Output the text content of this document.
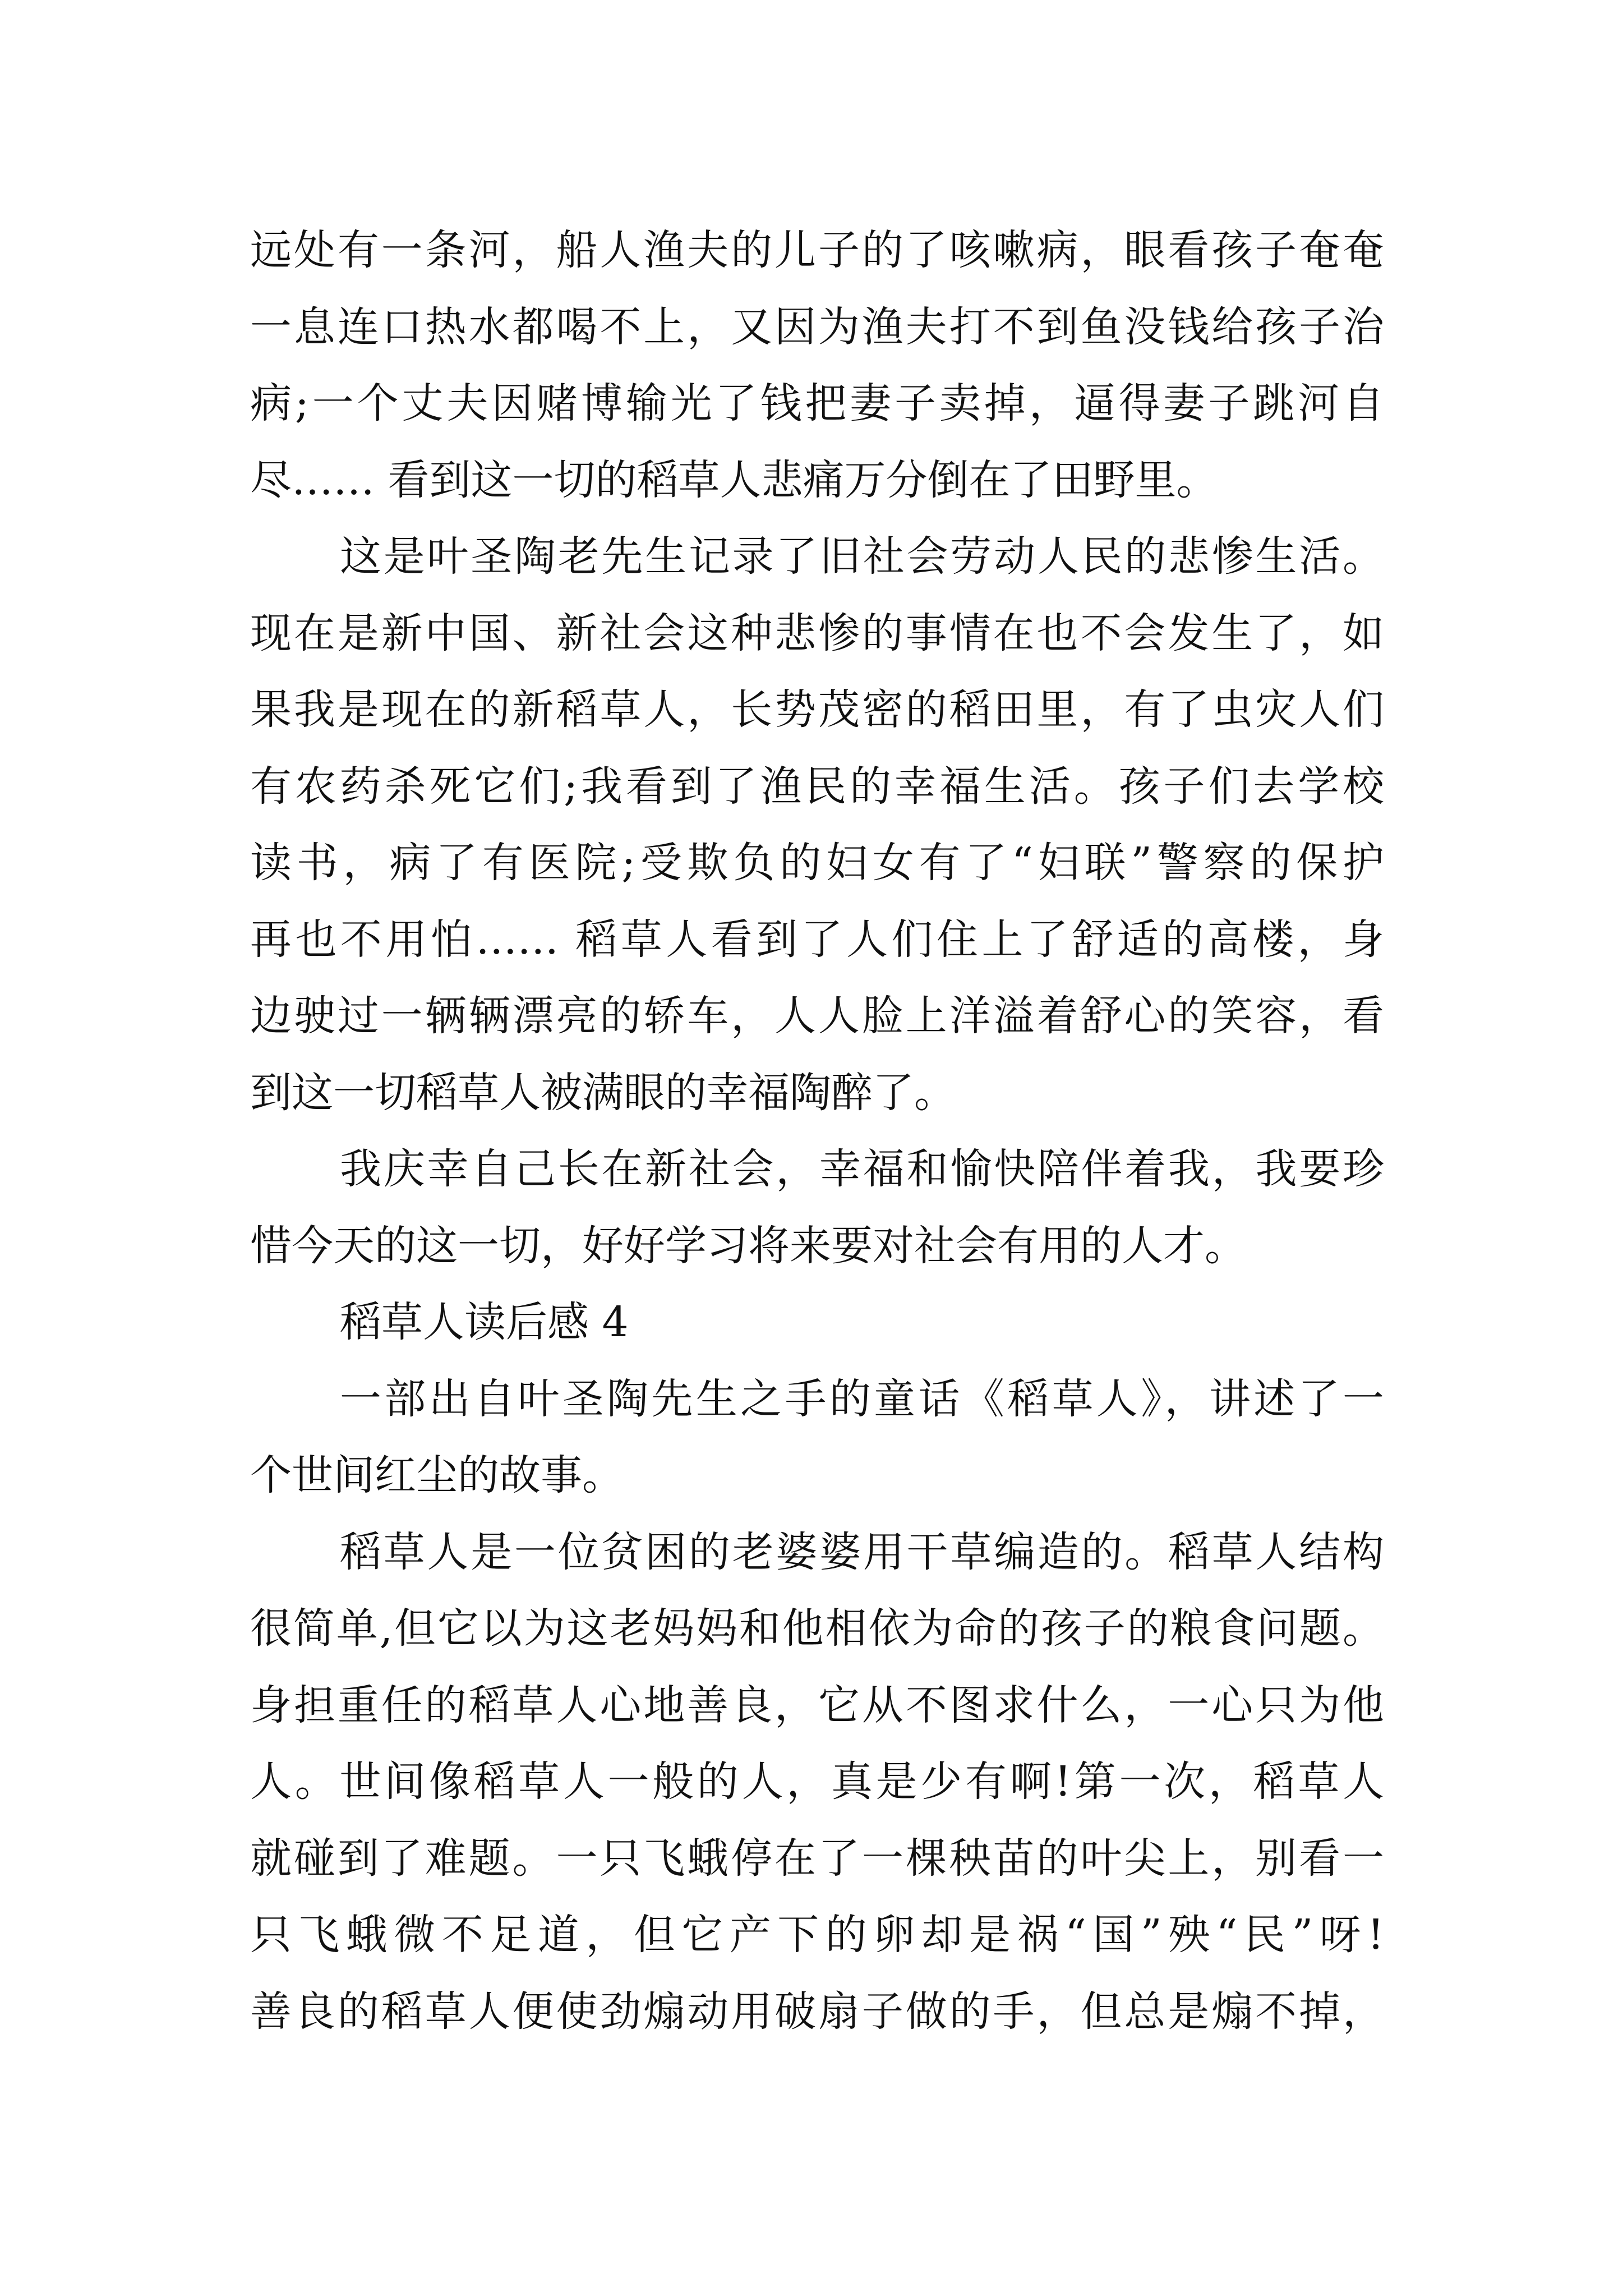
远处有一条河，船人渔夫的儿子的了咳嗽病，眼看孩子奄奄
一息连口热水都喝不上，又因为渔夫打不到鱼没钱给孩子治
病;一个丈夫因赌博输光了钱把妻子卖掉，逼得妻子跳河自
尽…… 看到这一切的稻草人悲痛万分倒在了田野里。
这是叶圣陶老先生记录了旧社会劳动人民的悲惨生活。
现在是新中国、新社会这种悲惨的事情在也不会发生了，如
果我是现在的新稻草人，长势茂密的稻田里，有了虫灾人们
有农药杀死它们;我看到了渔民的幸福生活。孩子们去学校
读书，病了有医院;受欺负的妇女有了“妇联”警察的保护
再也不用怕…… 稻草人看到了人们住上了舒适的高楼，身
边驶过一辆辆漂亮的轿车，人人脸上洋溢着舒心的笑容，看
到这一切稻草人被满眼的幸福陶醉了。
我庆幸自己长在新社会，幸福和愉快陪伴着我，我要珍
惜今天的这一切，好好学习将来要对社会有用的人才。
稻草人读后感 4
一部出自叶圣陶先生之手的童话《稻草人》，讲述了一
个世间红尘的故事。
稻草人是一位贫困的老婆婆用干草编造的。稻草人结构
很简单,但它以为这老妈妈和他相依为命的孩子的粮食问题。
身担重任的稻草人心地善良，它从不图求什么，一心只为他
人。世间像稻草人一般的人，真是少有啊!第一次，稻草人
就碰到了难题。一只飞蛾停在了一棵秧苗的叶尖上，别看一
只飞蛾微不足道，但它产下的卵却是祸“国”殃“民”呀!
善良的稻草人便使劲煽动用破扇子做的手，但总是煽不掉，
